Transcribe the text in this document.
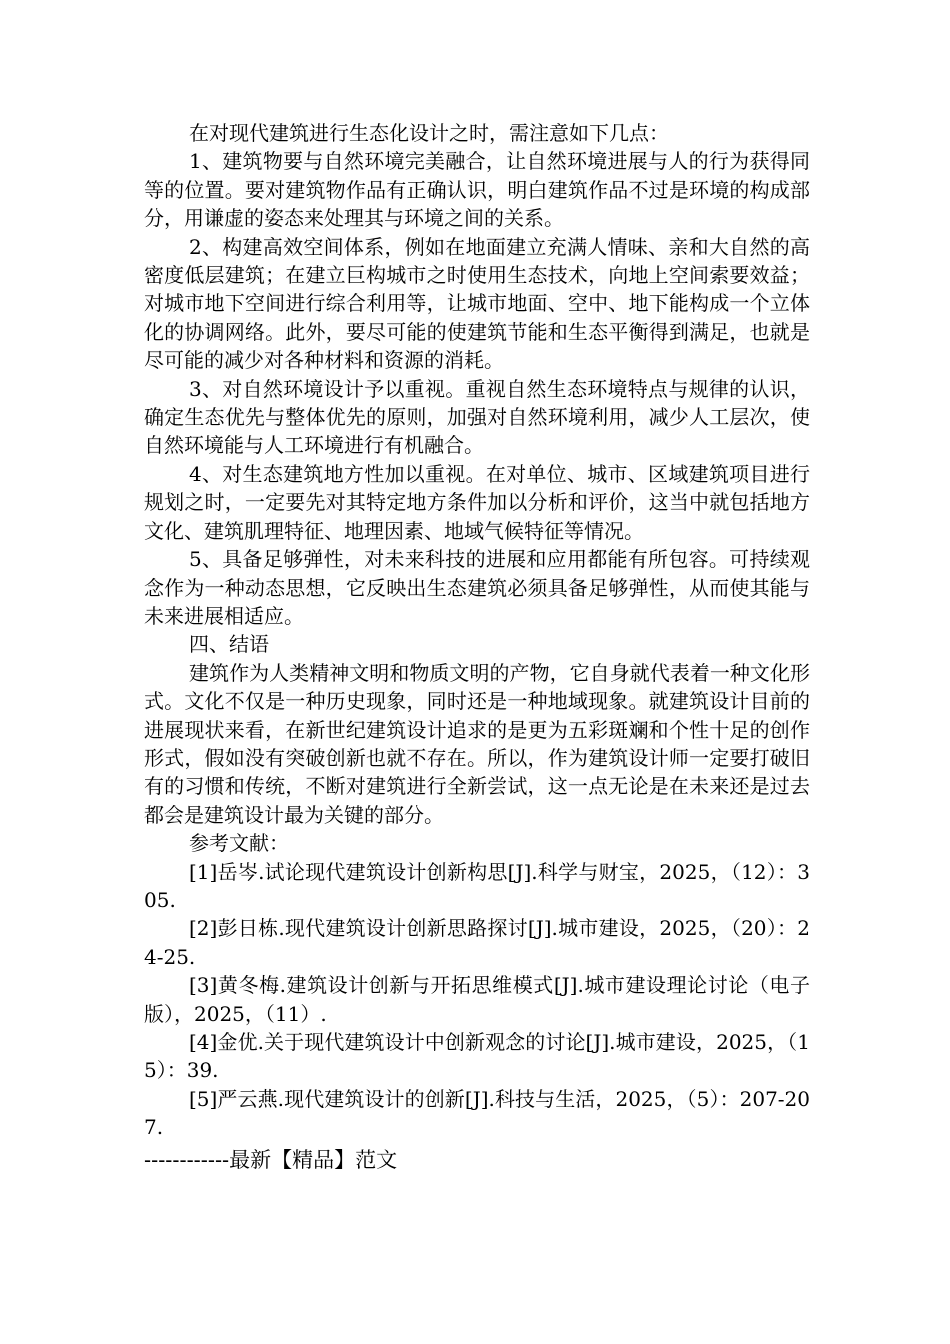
在对现代建筑进行生态化设计之时，需注意如下几点：

1、建筑物要与自然环境完美融合，让自然环境进展与人的行为获得同等的位置。要对建筑物作品有正确认识，明白建筑作品不过是环境的构成部分，用谦虚的姿态来处理其与环境之间的关系。

2、构建高效空间体系，例如在地面建立充满人情味、亲和大自然的高密度低层建筑；在建立巨构城市之时使用生态技术，向地上空间索要效益；对城市地下空间进行综合利用等，让城市地面、空中、地下能构成一个立体化的协调网络。此外，要尽可能的使建筑节能和生态平衡得到满足，也就是尽可能的减少对各种材料和资源的消耗。

3、对自然环境设计予以重视。重视自然生态环境特点与规律的认识，确定生态优先与整体优先的原则，加强对自然环境利用，减少人工层次，使自然环境能与人工环境进行有机融合。

4、对生态建筑地方性加以重视。在对单位、城市、区域建筑项目进行规划之时，一定要先对其特定地方条件加以分析和评价，这当中就包括地方文化、建筑肌理特征、地理因素、地域气候特征等情况。

5、具备足够弹性，对未来科技的进展和应用都能有所包容。可持续观念作为一种动态思想，它反映出生态建筑必须具备足够弹性，从而使其能与未来进展相适应。

四、结语

建筑作为人类精神文明和物质文明的产物，它自身就代表着一种文化形式。文化不仅是一种历史现象，同时还是一种地域现象。就建筑设计目前的进展现状来看，在新世纪建筑设计追求的是更为五彩斑斓和个性十足的创作形式，假如没有突破创新也就不存在。所以，作为建筑设计师一定要打破旧有的习惯和传统，不断对建筑进行全新尝试，这一点无论是在未来还是过去都会是建筑设计最为关键的部分。

参考文献：

[1]岳岑.试论现代建筑设计创新构思[J].科学与财宝，2025，（12）：305.

[2]彭日栋.现代建筑设计创新思路探讨[J].城市建设，2025，（20）：24-25.

[3]黄冬梅.建筑设计创新与开拓思维模式[J].城市建设理论讨论（电子版），2025，（11）.

[4]金优.关于现代建筑设计中创新观念的讨论[J].城市建设，2025，（15）：39.

[5]严云燕.现代建筑设计的创新[J].科技与生活，2025，（5）：207-207.

------------最新【精品】范文
